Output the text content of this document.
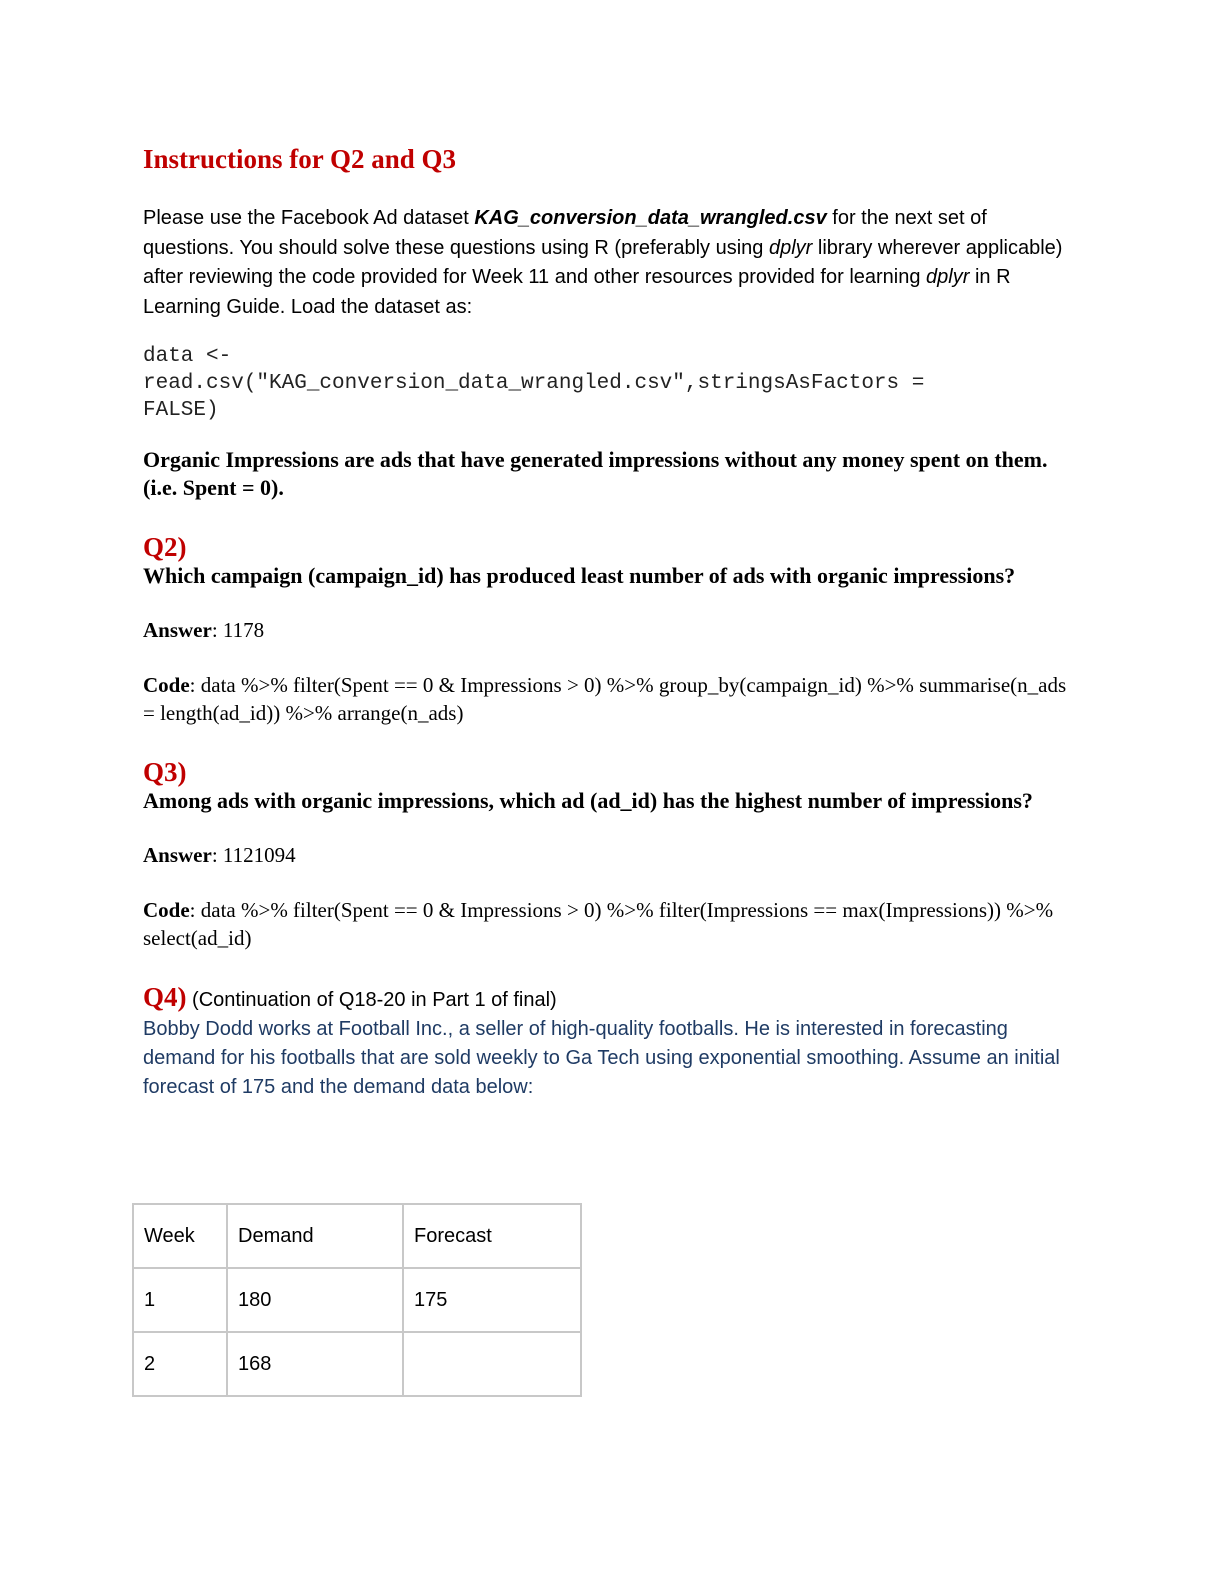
Instructions for Q2 and Q3

Please use the Facebook Ad dataset KAG_conversion_data_wrangled.csv for the next set of questions. You should solve these questions using R (preferably using dplyr library wherever applicable) after reviewing the code provided for Week 11 and other resources provided for learning dplyr in R Learning Guide. Load the dataset as:

data <-
read.csv("KAG_conversion_data_wrangled.csv",stringsAsFactors =
FALSE)
Organic Impressions are ads that have generated impressions without any money spent on them. (i.e. Spent = 0).
Q2)
Which campaign (campaign_id) has produced least number of ads with organic impressions?
Answer: 1178
Code: data %>% filter(Spent == 0 & Impressions > 0) %>% group_by(campaign_id) %>% summarise(n_ads = length(ad_id)) %>% arrange(n_ads)
Q3)
Among ads with organic impressions, which ad (ad_id) has the highest number of impressions?
Answer: 1121094
Code: data %>% filter(Spent == 0 & Impressions > 0) %>% filter(Impressions == max(Impressions)) %>% select(ad_id)
Q4) (Continuation of Q18-20 in Part 1 of final)
Bobby Dodd works at Football Inc., a seller of high-quality footballs. He is interested in forecasting demand for his footballs that are sold weekly to Ga Tech using exponential smoothing. Assume an initial forecast of 175 and the demand data below:
Week	Demand	Forecast
1	180	175
2	168	
